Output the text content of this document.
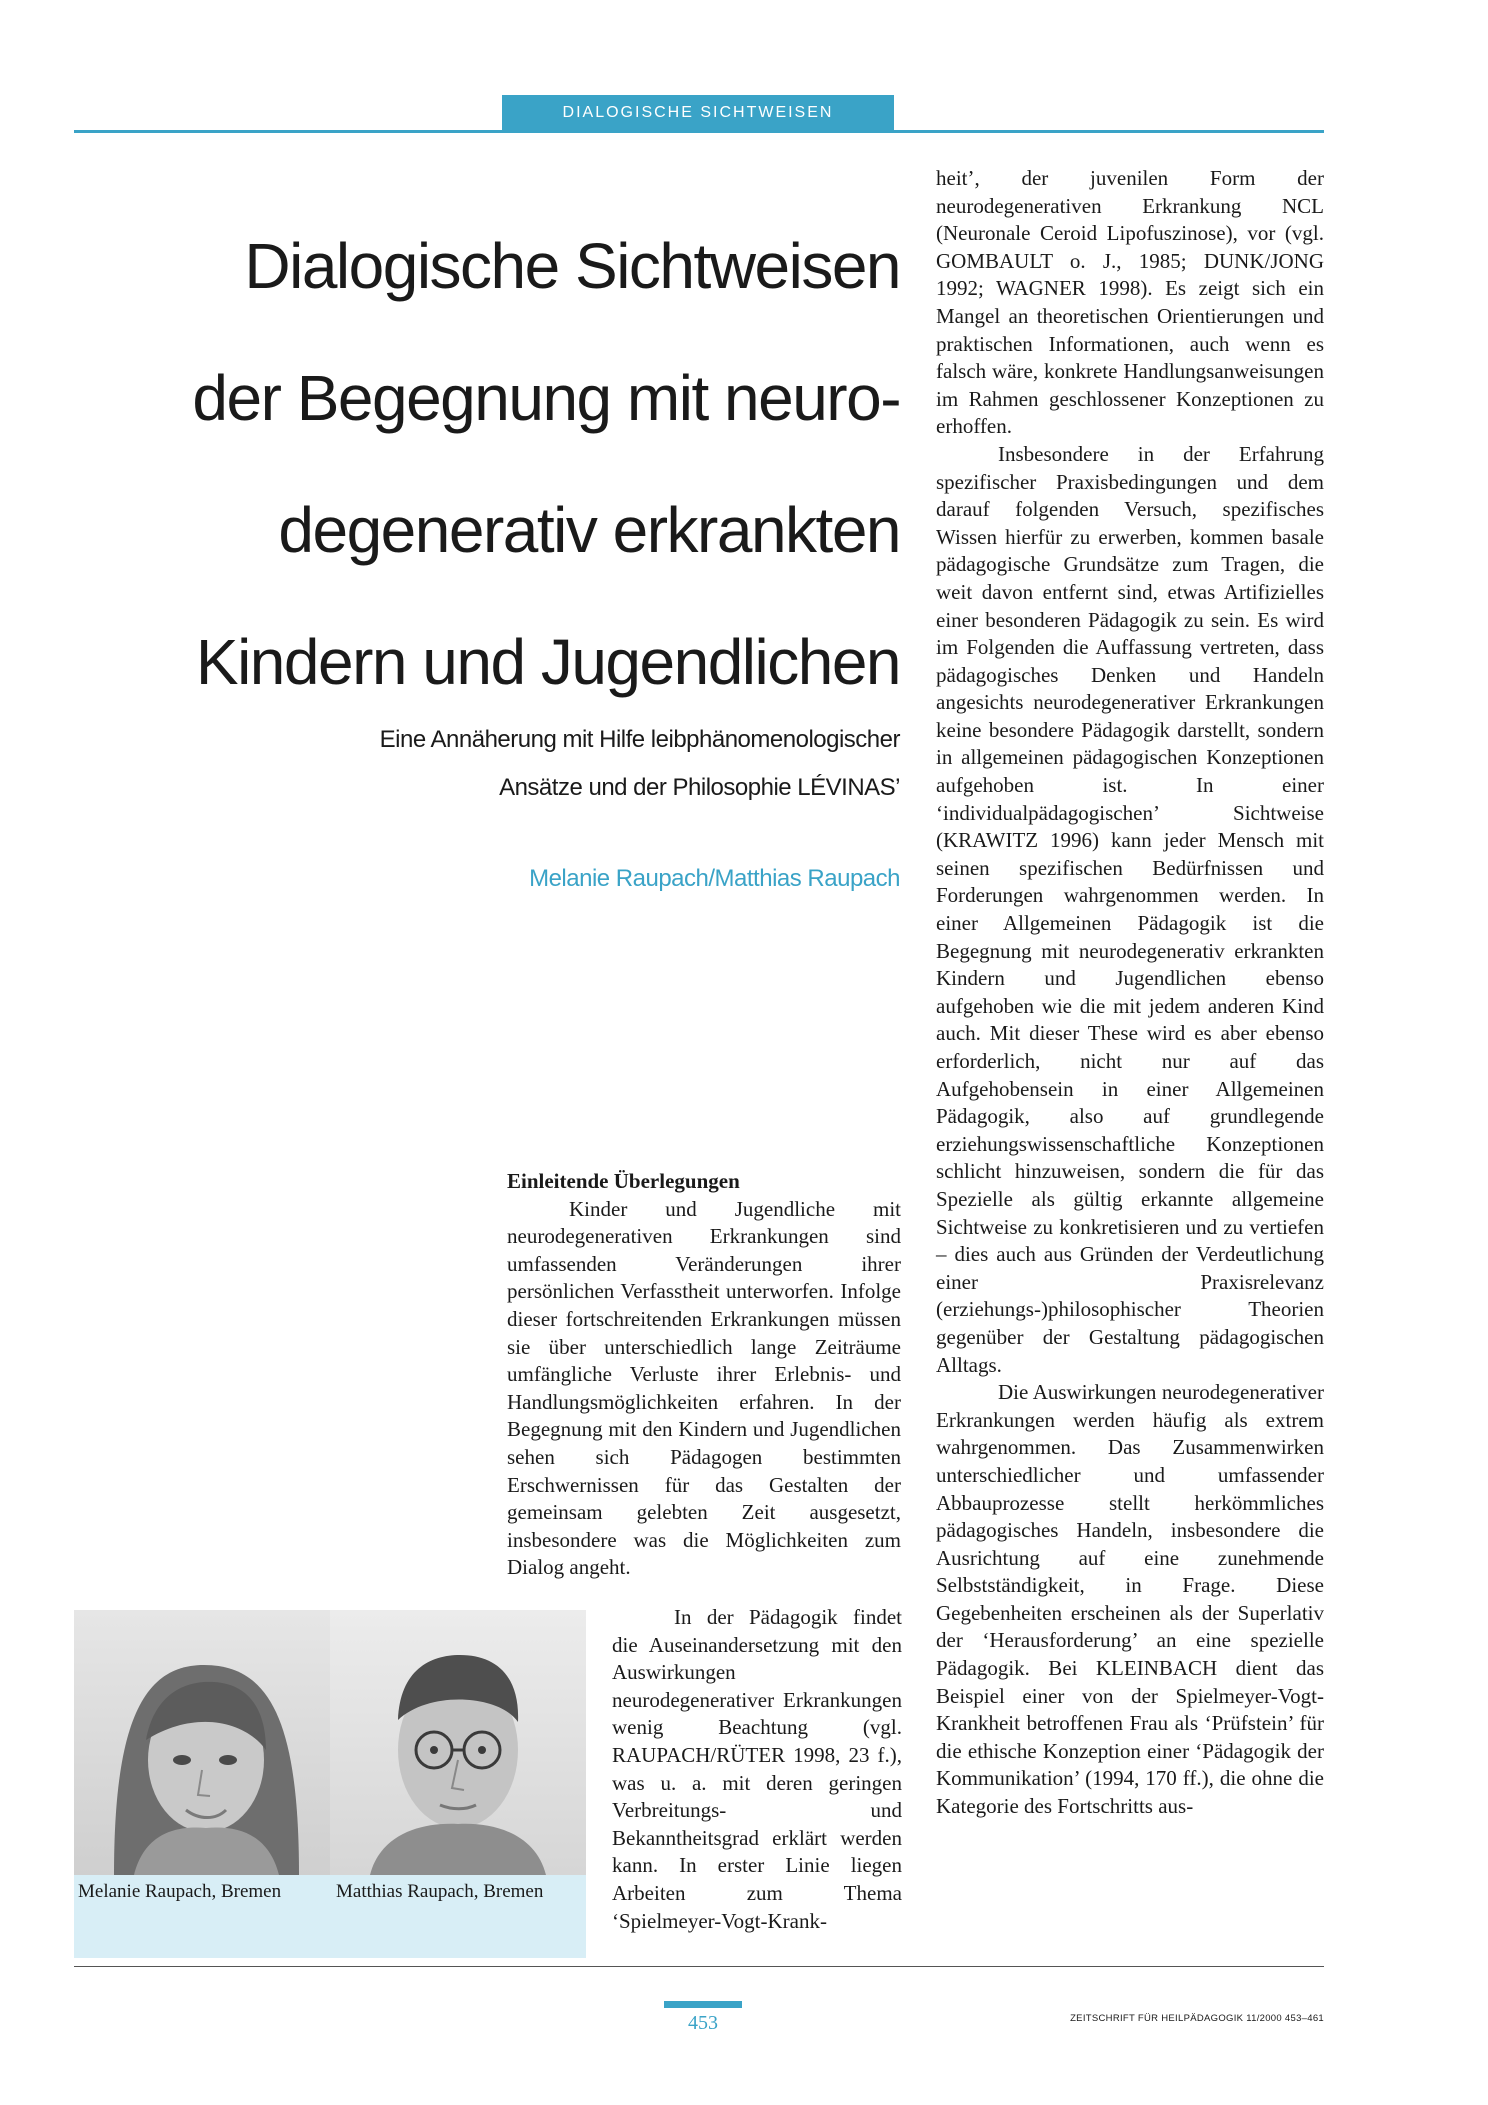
DIALOGISCHE SICHTWEISEN
Dialogische Sichtweisen
der Begegnung mit neuro-
degenerativ erkrankten
Kindern und Jugendlichen
Eine Annäherung mit Hilfe leibphänomenologischer
Ansätze und der Philosophie LÉVINAS’
Melanie Raupach/Matthias Raupach
Einleitende Überlegungen

Kinder und Jugendliche mit neurodegenerativen Erkrankungen sind umfassenden Veränderungen ihrer persönlichen Verfasstheit unterworfen. Infolge dieser fortschreitenden Erkrankungen müssen sie über unterschiedlich lange Zeiträume umfängliche Verluste ihrer Erlebnis- und Handlungsmöglichkeiten erfahren. In der Begegnung mit den Kindern und Jugendlichen sehen sich Pädagogen bestimmten Erschwernissen für das Gestalten der gemeinsam gelebten Zeit ausgesetzt, insbesondere was die Möglichkeiten zum Dialog angeht.

In der Pädagogik findet die Auseinandersetzung mit den Auswirkungen neurodegenerativer Erkrankungen wenig Beachtung (vgl. RAUPACH/RÜTER 1998, 23 f.), was u. a. mit deren geringen Verbreitungs- und Bekanntheitsgrad erklärt werden kann. In erster Linie liegen Arbeiten zum Thema ‘Spielmeyer-Vogt-Krank-

heit’, der juvenilen Form der neurodegenerativen Erkrankung NCL (Neuronale Ceroid Lipofuszinose), vor (vgl. GOMBAULT o. J., 1985; DUNK/JONG 1992; WAGNER 1998). Es zeigt sich ein Mangel an theoretischen Orientierungen und praktischen Informationen, auch wenn es falsch wäre, konkrete Handlungsanweisungen im Rahmen geschlossener Konzeptionen zu erhoffen.

Insbesondere in der Erfahrung spezifischer Praxisbedingungen und dem darauf folgenden Versuch, spezifisches Wissen hierfür zu erwerben, kommen basale pädagogische Grundsätze zum Tragen, die weit davon entfernt sind, etwas Artifizielles einer besonderen Pädagogik zu sein. Es wird im Folgenden die Auffassung vertreten, dass pädagogisches Denken und Handeln angesichts neurodegenerativer Erkrankungen keine besondere Pädagogik darstellt, sondern in allgemeinen pädagogischen Konzeptionen aufgehoben ist. In einer ‘individualpädagogischen’ Sichtweise (KRAWITZ 1996) kann jeder Mensch mit seinen spezifischen Bedürfnissen und Forderungen wahrgenommen werden. In einer Allgemeinen Pädagogik ist die Begegnung mit neurodegenerativ erkrankten Kindern und Jugendlichen ebenso aufgehoben wie die mit jedem anderen Kind auch. Mit dieser These wird es aber ebenso erforderlich, nicht nur auf das Aufgehobensein in einer Allgemeinen Pädagogik, also auf grundlegende erziehungswissenschaftliche Konzeptionen schlicht hinzuweisen, sondern die für das Spezielle als gültig erkannte allgemeine Sichtweise zu konkretisieren und zu vertiefen – dies auch aus Gründen der Verdeutlichung einer Praxisrelevanz (erziehungs-)philosophischer Theorien gegenüber der Gestaltung pädagogischen Alltags.

Die Auswirkungen neurodegenerativer Erkrankungen werden häufig als extrem wahrgenommen. Das Zusammenwirken unterschiedlicher und umfassender Abbauprozesse stellt herkömmliches pädagogisches Handeln, insbesondere die Ausrichtung auf eine zunehmende Selbstständigkeit, in Frage. Diese Gegebenheiten erscheinen als der Superlativ der ‘Herausforderung’ an eine spezielle Pädagogik. Bei KLEINBACH dient das Beispiel einer von der Spielmeyer-Vogt-Krankheit betroffenen Frau als ‘Prüfstein’ für die ethische Konzeption einer ‘Pädagogik der Kommunikation’ (1994, 170 ff.), die ohne die Kategorie des Fortschritts aus-

Melanie Raupach, Bremen	Matthias Raupach, Bremen
453	ZEITSCHRIFT FÜR HEILPÄDAGOGIK 11/2000 453–461
